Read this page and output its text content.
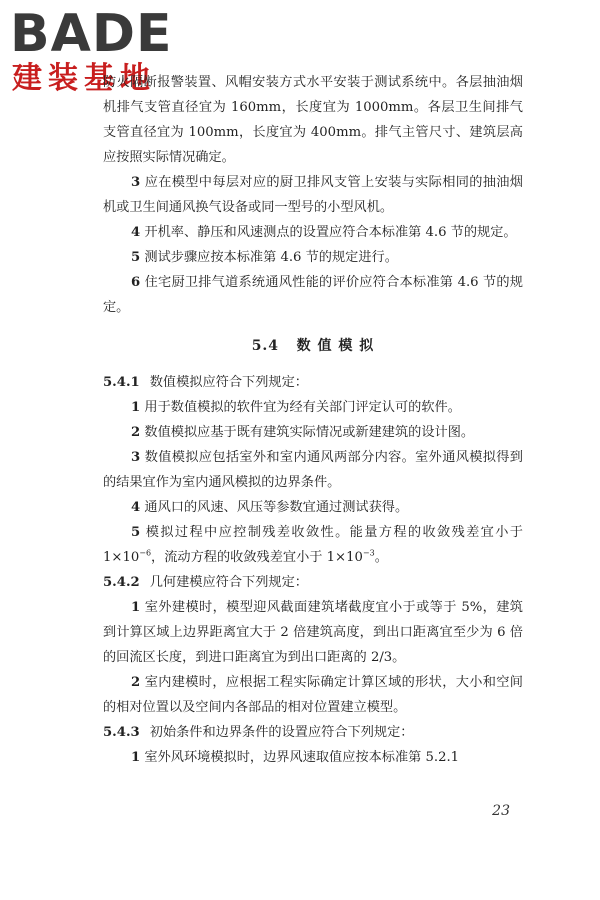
BADE
建装基地

防火隔断报警装置、风帽安装方式水平安装于测试系统中。各层抽油烟机排气支管直径宜为 160mm，长度宜为 1000mm。各层卫生间排气支管直径宜为 100mm，长度宜为 400mm。排气主管尺寸、建筑层高应按照实际情况确定。

3 应在模型中每层对应的厨卫排风支管上安装与实际相同的抽油烟机或卫生间通风换气设备或同一型号的小型风机。

4 开机率、静压和风速测点的设置应符合本标准第 4.6 节的规定。

5 测试步骤应按本标准第 4.6 节的规定进行。

6 住宅厨卫排气道系统通风性能的评价应符合本标准第 4.6 节的规定。

5.4 数 值 模 拟

5.4.1 数值模拟应符合下列规定：

1 用于数值模拟的软件宜为经有关部门评定认可的软件。

2 数值模拟应基于既有建筑实际情况或新建建筑的设计图。

3 数值模拟应包括室外和室内通风两部分内容。室外通风模拟得到的结果宜作为室内通风模拟的边界条件。

4 通风口的风速、风压等参数宜通过测试获得。

5 模拟过程中应控制残差收敛性。能量方程的收敛残差宜小于 $1\times 10^{-6}$，流动方程的收敛残差宜小于 $1\times 10^{-3}$。

5.4.2 几何建模应符合下列规定：

1 室外建模时，模型迎风截面建筑堵截度宜小于或等于 5%，建筑到计算区域上边界距离宜大于 2 倍建筑高度，到出口距离宜至少为 6 倍的回流区长度，到进口距离宜为到出口距离的 2/3。

2 室内建模时，应根据工程实际确定计算区域的形状，大小和空间的相对位置以及空间内各部品的相对位置建立模型。

5.4.3 初始条件和边界条件的设置应符合下列规定：

1 室外风环境模拟时，边界风速取值应按本标准第 5.2.1

23
